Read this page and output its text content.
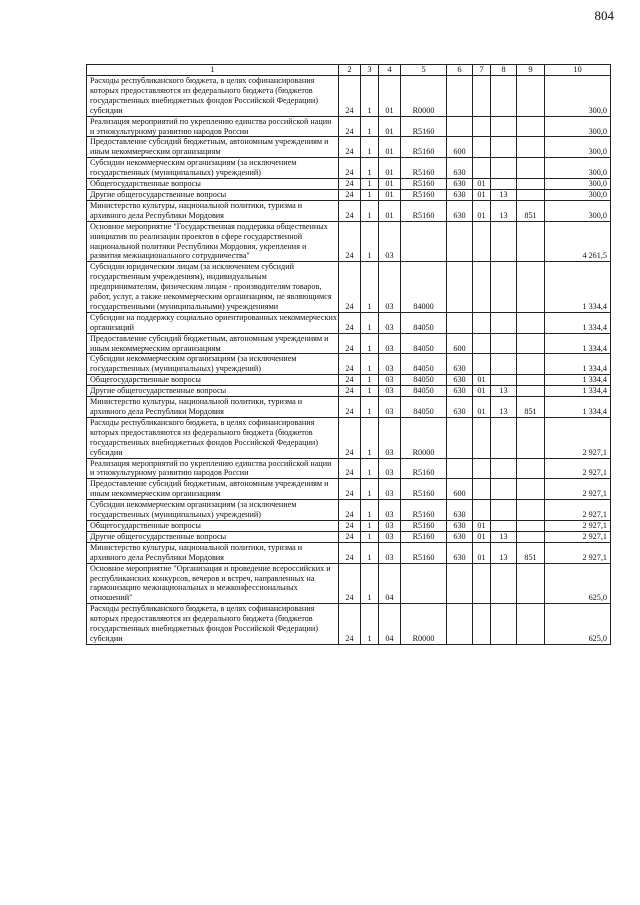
804
1	2	3	4	5	6	7	8	9	10
Расходы республиканского бюджета, в целях софинансирования которых предоставляются из федерального бюджета (бюджетов государственных внебюджетных фондов Российской Федерации) субсидии	24	1	01	R0000					300,0
Реализация мероприятий по укреплению единства российской нации и этнокультурному развитию народов России	24	1	01	R5160					300,0
Предоставление субсидий бюджетным, автономным учреждениям и иным некоммерческим организациям	24	1	01	R5160	600				300,0
Субсидии некоммерческим организациям (за исключением государственных (муниципальных) учреждений)	24	1	01	R5160	630				300,0
Общегосударственные вопросы	24	1	01	R5160	630	01			300,0
Другие общегосударственные вопросы	24	1	01	R5160	630	01	13		300,0
Министерство культуры, национальной политики, туризма и архивного дела Республики Мордовия	24	1	01	R5160	630	01	13	851	300,0
Основное мероприятие "Государственная поддержка общественных инициатив по реализации проектов в сфере государственной национальной политики Республики Мордовия, укрепления и развития межнационального сотрудничества"	24	1	03						4 261,5
Субсидии юридическим лицам (за исключением субсидий государственным учреждениям), индивидуальным предпринимателям, физическим лицам - производителям товаров, работ, услуг, а также некоммерческим организациям, не являющимся государственными (муниципальными) учреждениями	24	1	03	84000					1 334,4
Субсидии на поддержку социально ориентированных некоммерческих организаций	24	1	03	84050					1 334,4
Предоставление субсидий бюджетным, автономным учреждениям и иным некоммерческим организациям	24	1	03	84050	600				1 334,4
Субсидии некоммерческим организациям (за исключением государственных (муниципальных) учреждений)	24	1	03	84050	630				1 334,4
Общегосударственные вопросы	24	1	03	84050	630	01			1 334,4
Другие общегосударственные вопросы	24	1	03	84050	630	01	13		1 334,4
Министерство культуры, национальной политики, туризма и архивного дела Республики Мордовия	24	1	03	84050	630	01	13	851	1 334,4
Расходы республиканского бюджета, в целях софинансирования которых предоставляются из федерального бюджета (бюджетов государственных внебюджетных фондов Российской Федерации) субсидии	24	1	03	R0000					2 927,1
Реализация мероприятий по укреплению единства российской нации и этнокультурному развитию народов России	24	1	03	R5160					2 927,1
Предоставление субсидий бюджетным, автономным учреждениям и иным некоммерческим организациям	24	1	03	R5160	600				2 927,1
Субсидии некоммерческим организациям (за исключением государственных (муниципальных) учреждений)	24	1	03	R5160	630				2 927,1
Общегосударственные вопросы	24	1	03	R5160	630	01			2 927,1
Другие общегосударственные вопросы	24	1	03	R5160	630	01	13		2 927,1
Министерство культуры, национальной политики, туризма и архивного дела Республики Мордовия	24	1	03	R5160	630	01	13	851	2 927,1
Основное мероприятие "Организация и проведение всероссийских и республиканских конкурсов, вечеров и встреч, направленных на гармонизацию межнациональных и межконфессиональных отношений"	24	1	04						625,0
Расходы республиканского бюджета, в целях софинансирования которых предоставляются из федерального бюджета (бюджетов государственных внебюджетных фондов Российской Федерации) субсидии	24	1	04	R0000					625,0
